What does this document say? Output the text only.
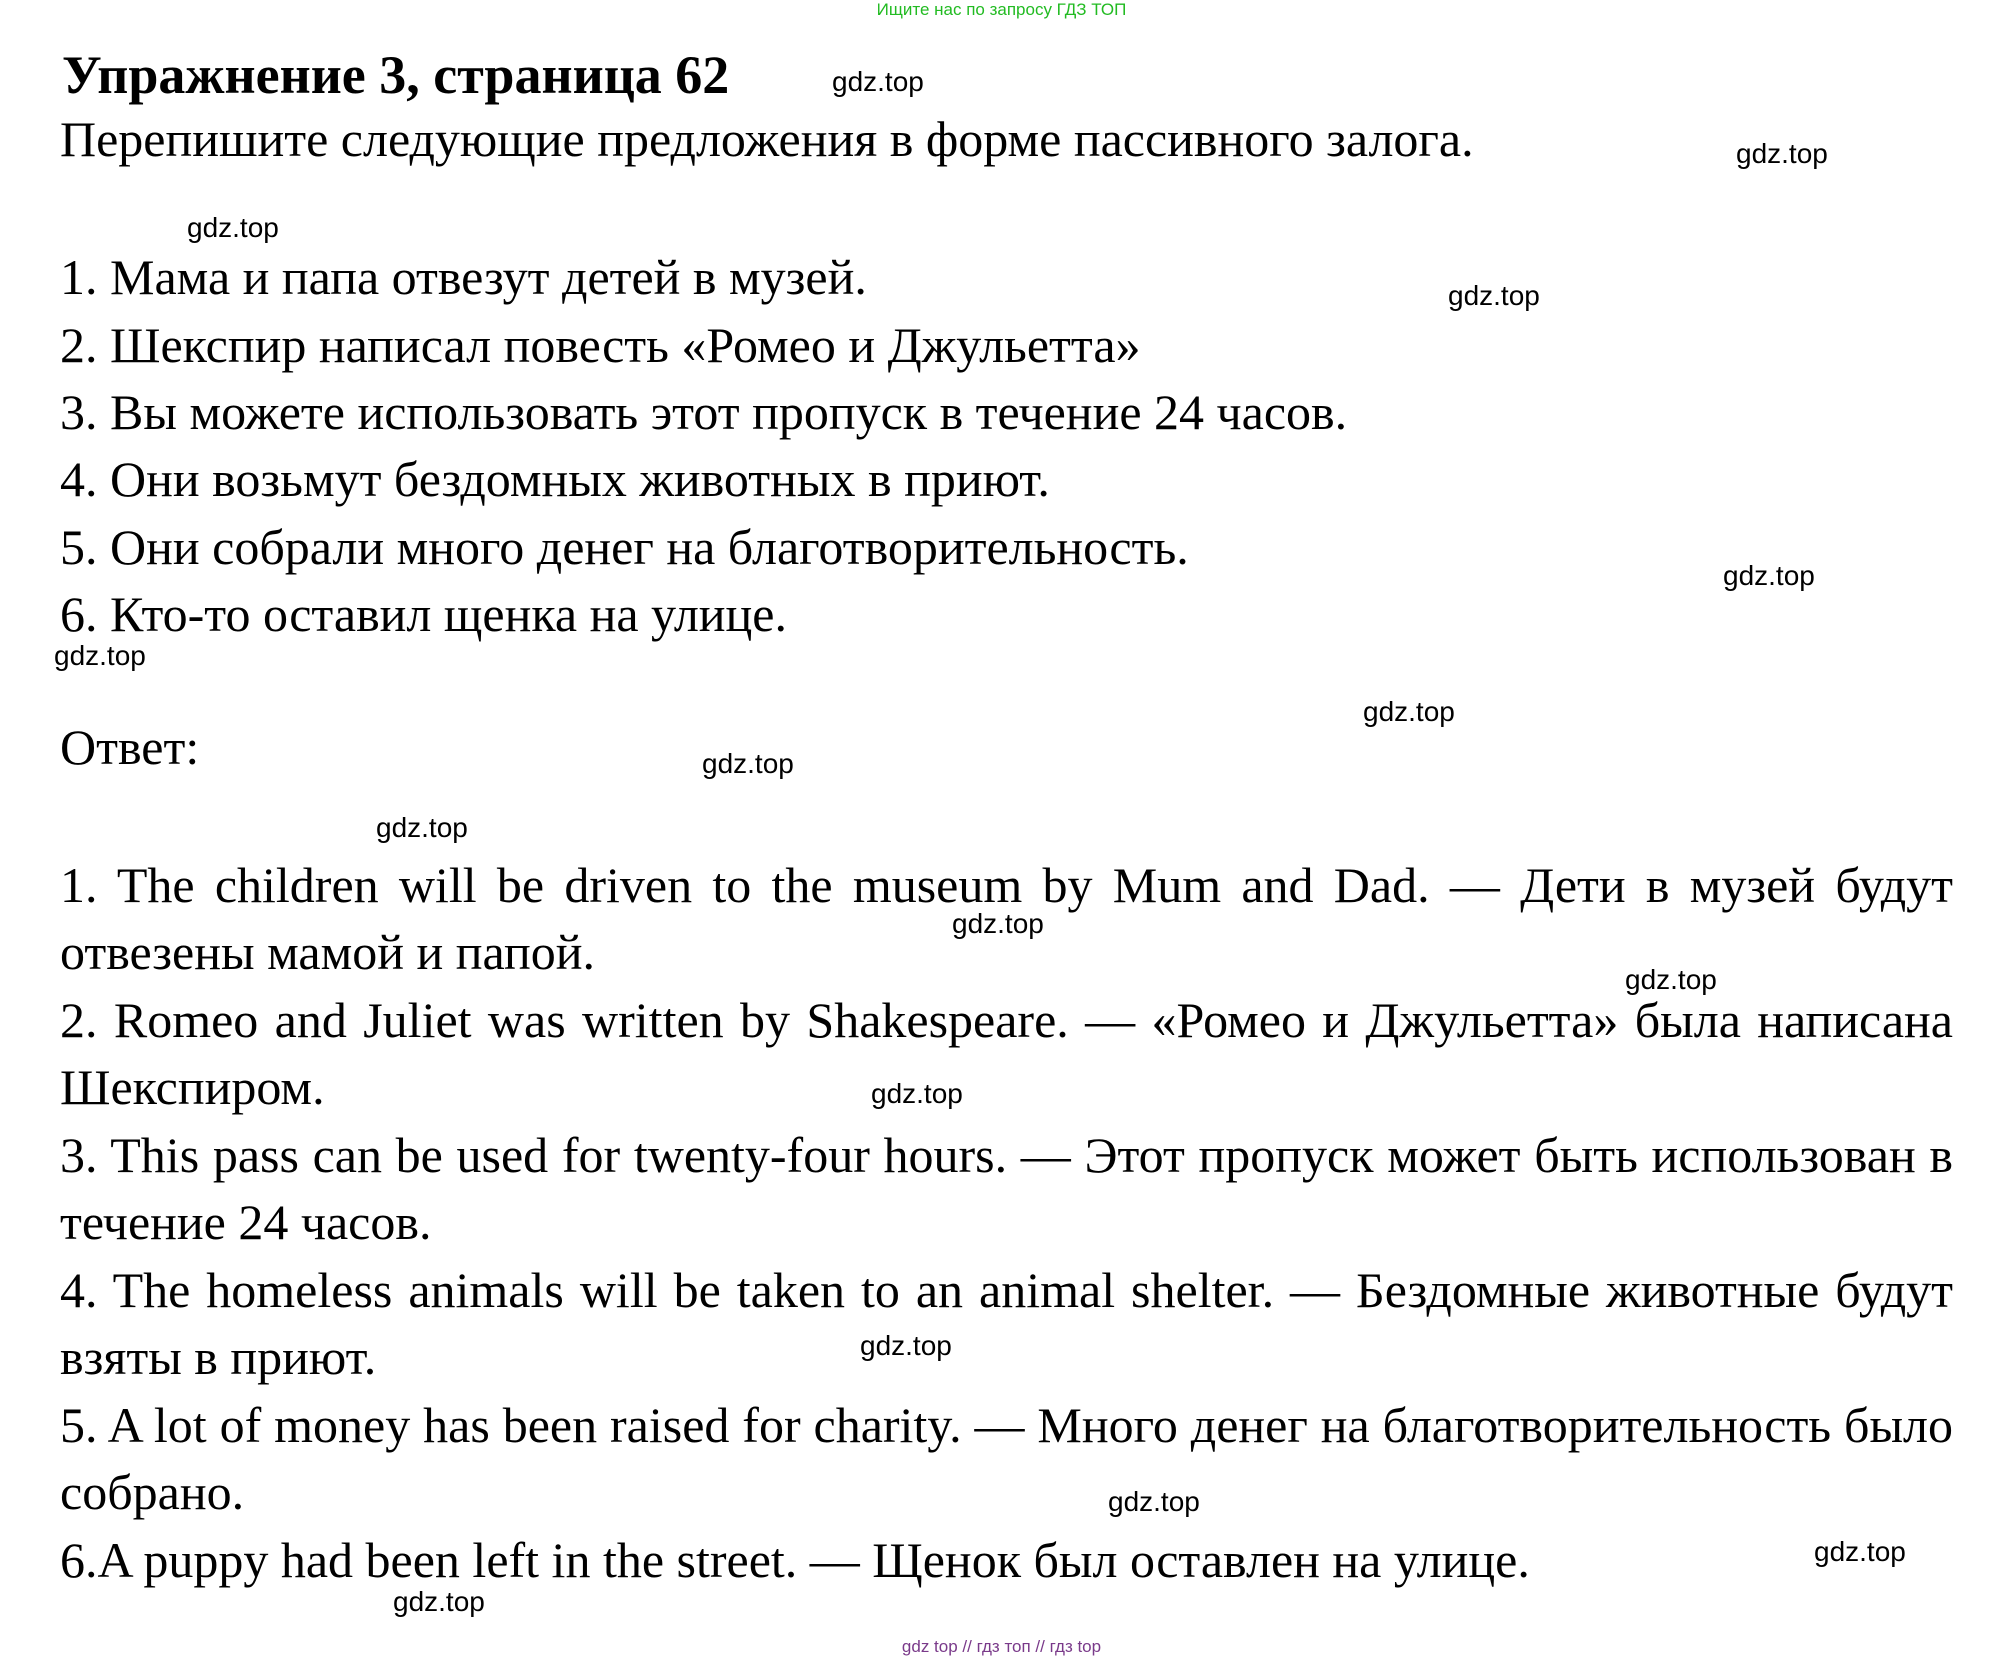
Ищите нас по запросу ГДЗ ТОП
Упражнение 3, страница 62
Перепишите следующие предложения в форме пассивного залога.
1. Мама и папа отвезут детей в музей.
2. Шекспир написал повесть «Ромео и Джульетта»
3. Вы можете использовать этот пропуск в течение 24 часов.
4. Они возьмут бездомных животных в приют.
5. Они собрали много денег на благотворительность.
6. Кто-то оставил щенка на улице.
Ответ:
1. The children will be driven to the museum by Mum and Dad. — Дети в музей будут отвезены мамой и папой.
2. Romeo and Juliet was written by Shakespeare. — «Ромео и Джульетта» была написана Шекспиром.
3. This pass can be used for twenty-four hours. — Этот пропуск может быть использован в течение 24 часов.
4. The homeless animals will be taken to an animal shelter. — Бездомные животные будут взяты в приют.
5. A lot of money has been raised for charity. — Много денег на благотворительность было собрано.
6.A puppy had been left in the street. — Щенок был оставлен на улице.
gdz.top
gdz.top
gdz.top
gdz.top
gdz.top
gdz.top
gdz.top
gdz.top
gdz.top
gdz.top
gdz.top
gdz.top
gdz.top
gdz.top
gdz.top
gdz.top
gdz top // гдз топ // гдз top
